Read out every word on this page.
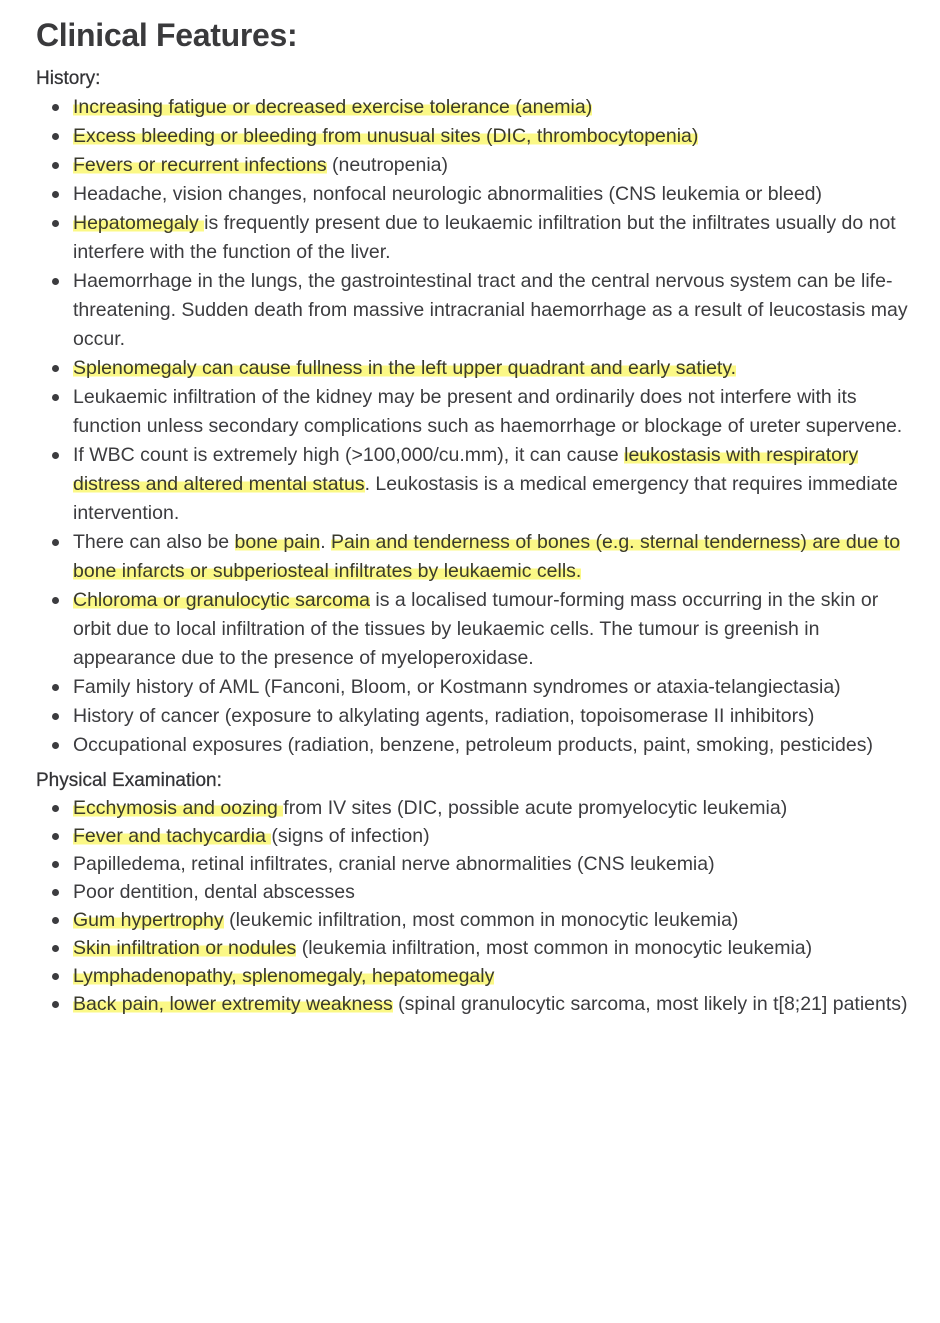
Clinical Features:
History:
Increasing fatigue or decreased exercise tolerance (anemia)
Excess bleeding or bleeding from unusual sites (DIC, thrombocytopenia)
Fevers or recurrent infections (neutropenia)
Headache, vision changes, nonfocal neurologic abnormalities (CNS leukemia or bleed)
Hepatomegaly is frequently present due to leukaemic infiltration but the infiltrates usually do not interfere with the function of the liver.
Haemorrhage in the lungs, the gastrointestinal tract and the central nervous system can be life-threatening. Sudden death from massive intracranial haemorrhage as a result of leucostasis may occur.
Splenomegaly can cause fullness in the left upper quadrant and early satiety.
Leukaemic infiltration of the kidney may be present and ordinarily does not interfere with its function unless secondary complications such as haemorrhage or blockage of ureter supervene.
If WBC count is extremely high (>100,000/cu.mm), it can cause leukostasis with respiratory distress and altered mental status. Leukostasis is a medical emergency that requires immediate intervention.
There can also be bone pain. Pain and tenderness of bones (e.g. sternal tenderness) are due to bone infarcts or subperiosteal infiltrates by leukaemic cells.
Chloroma or granulocytic sarcoma is a localised tumour-forming mass occurring in the skin or orbit due to local infiltration of the tissues by leukaemic cells. The tumour is greenish in appearance due to the presence of myeloperoxidase.
Family history of AML (Fanconi, Bloom, or Kostmann syndromes or ataxia-telangiectasia)
History of cancer (exposure to alkylating agents, radiation, topoisomerase II inhibitors)
Occupational exposures (radiation, benzene, petroleum products, paint, smoking, pesticides)
Physical Examination:
Ecchymosis and oozing from IV sites (DIC, possible acute promyelocytic leukemia)
Fever and tachycardia (signs of infection)
Papilledema, retinal infiltrates, cranial nerve abnormalities (CNS leukemia)
Poor dentition, dental abscesses
Gum hypertrophy (leukemic infiltration, most common in monocytic leukemia)
Skin infiltration or nodules (leukemia infiltration, most common in monocytic leukemia)
Lymphadenopathy, splenomegaly, hepatomegaly
Back pain, lower extremity weakness (spinal granulocytic sarcoma, most likely in t[8;21] patients)
